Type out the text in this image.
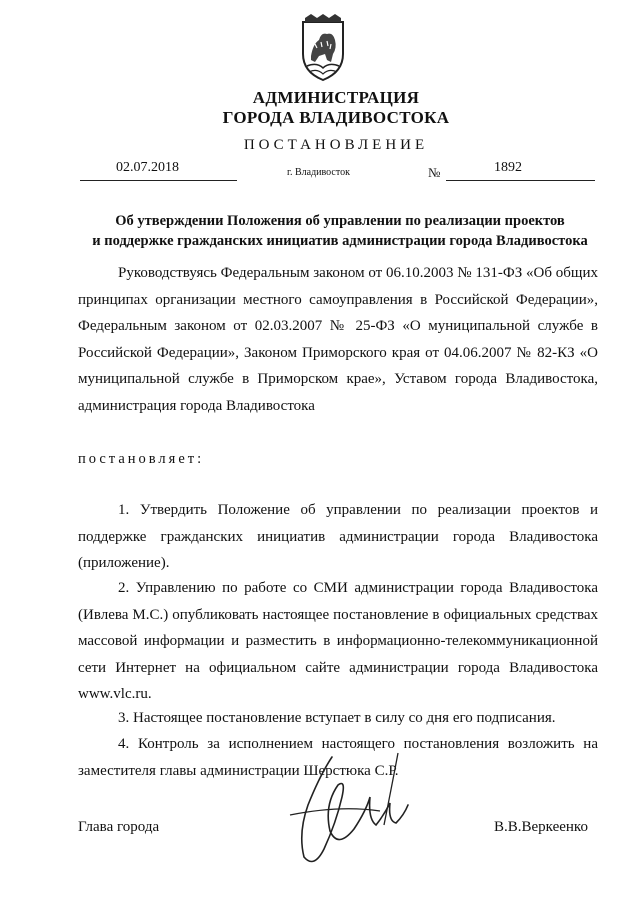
АДМИНИСТРАЦИЯ
ГОРОДА ВЛАДИВОСТОКА
ПОСТАНОВЛЕНИЕ
02.07.2018	г. Владивосток	№	1892
Об утверждении Положения об управлении по реализации проектов
и поддержке гражданских инициатив администрации города Владивостока
Руководствуясь Федеральным законом от 06.10.2003 № 131-ФЗ «Об общих принципах организации местного самоуправления в Российской Федерации», Федеральным законом от 02.03.2007 № 25-ФЗ «О муниципальной службе в Российской Федерации», Законом Приморского края от 04.06.2007 № 82-КЗ «О муниципальной службе в Приморском крае», Уставом города Владивостока, администрация города Владивостока
постановляет:
1. Утвердить Положение об управлении по реализации проектов и поддержке гражданских инициатив администрации города Владивостока (приложение).
2. Управлению по работе со СМИ администрации города Владивостока (Ивлева М.С.) опубликовать настоящее постановление в официальных средствах массовой информации и разместить в информационно-телекоммуникационной сети Интернет на официальном сайте администрации города Владивостока www.vlc.ru.
3. Настоящее постановление вступает в силу со дня его подписания.
4. Контроль за исполнением настоящего постановления возложить на заместителя главы администрации Шерстюка С.Р.
Глава города	В.В.Веркеенко
